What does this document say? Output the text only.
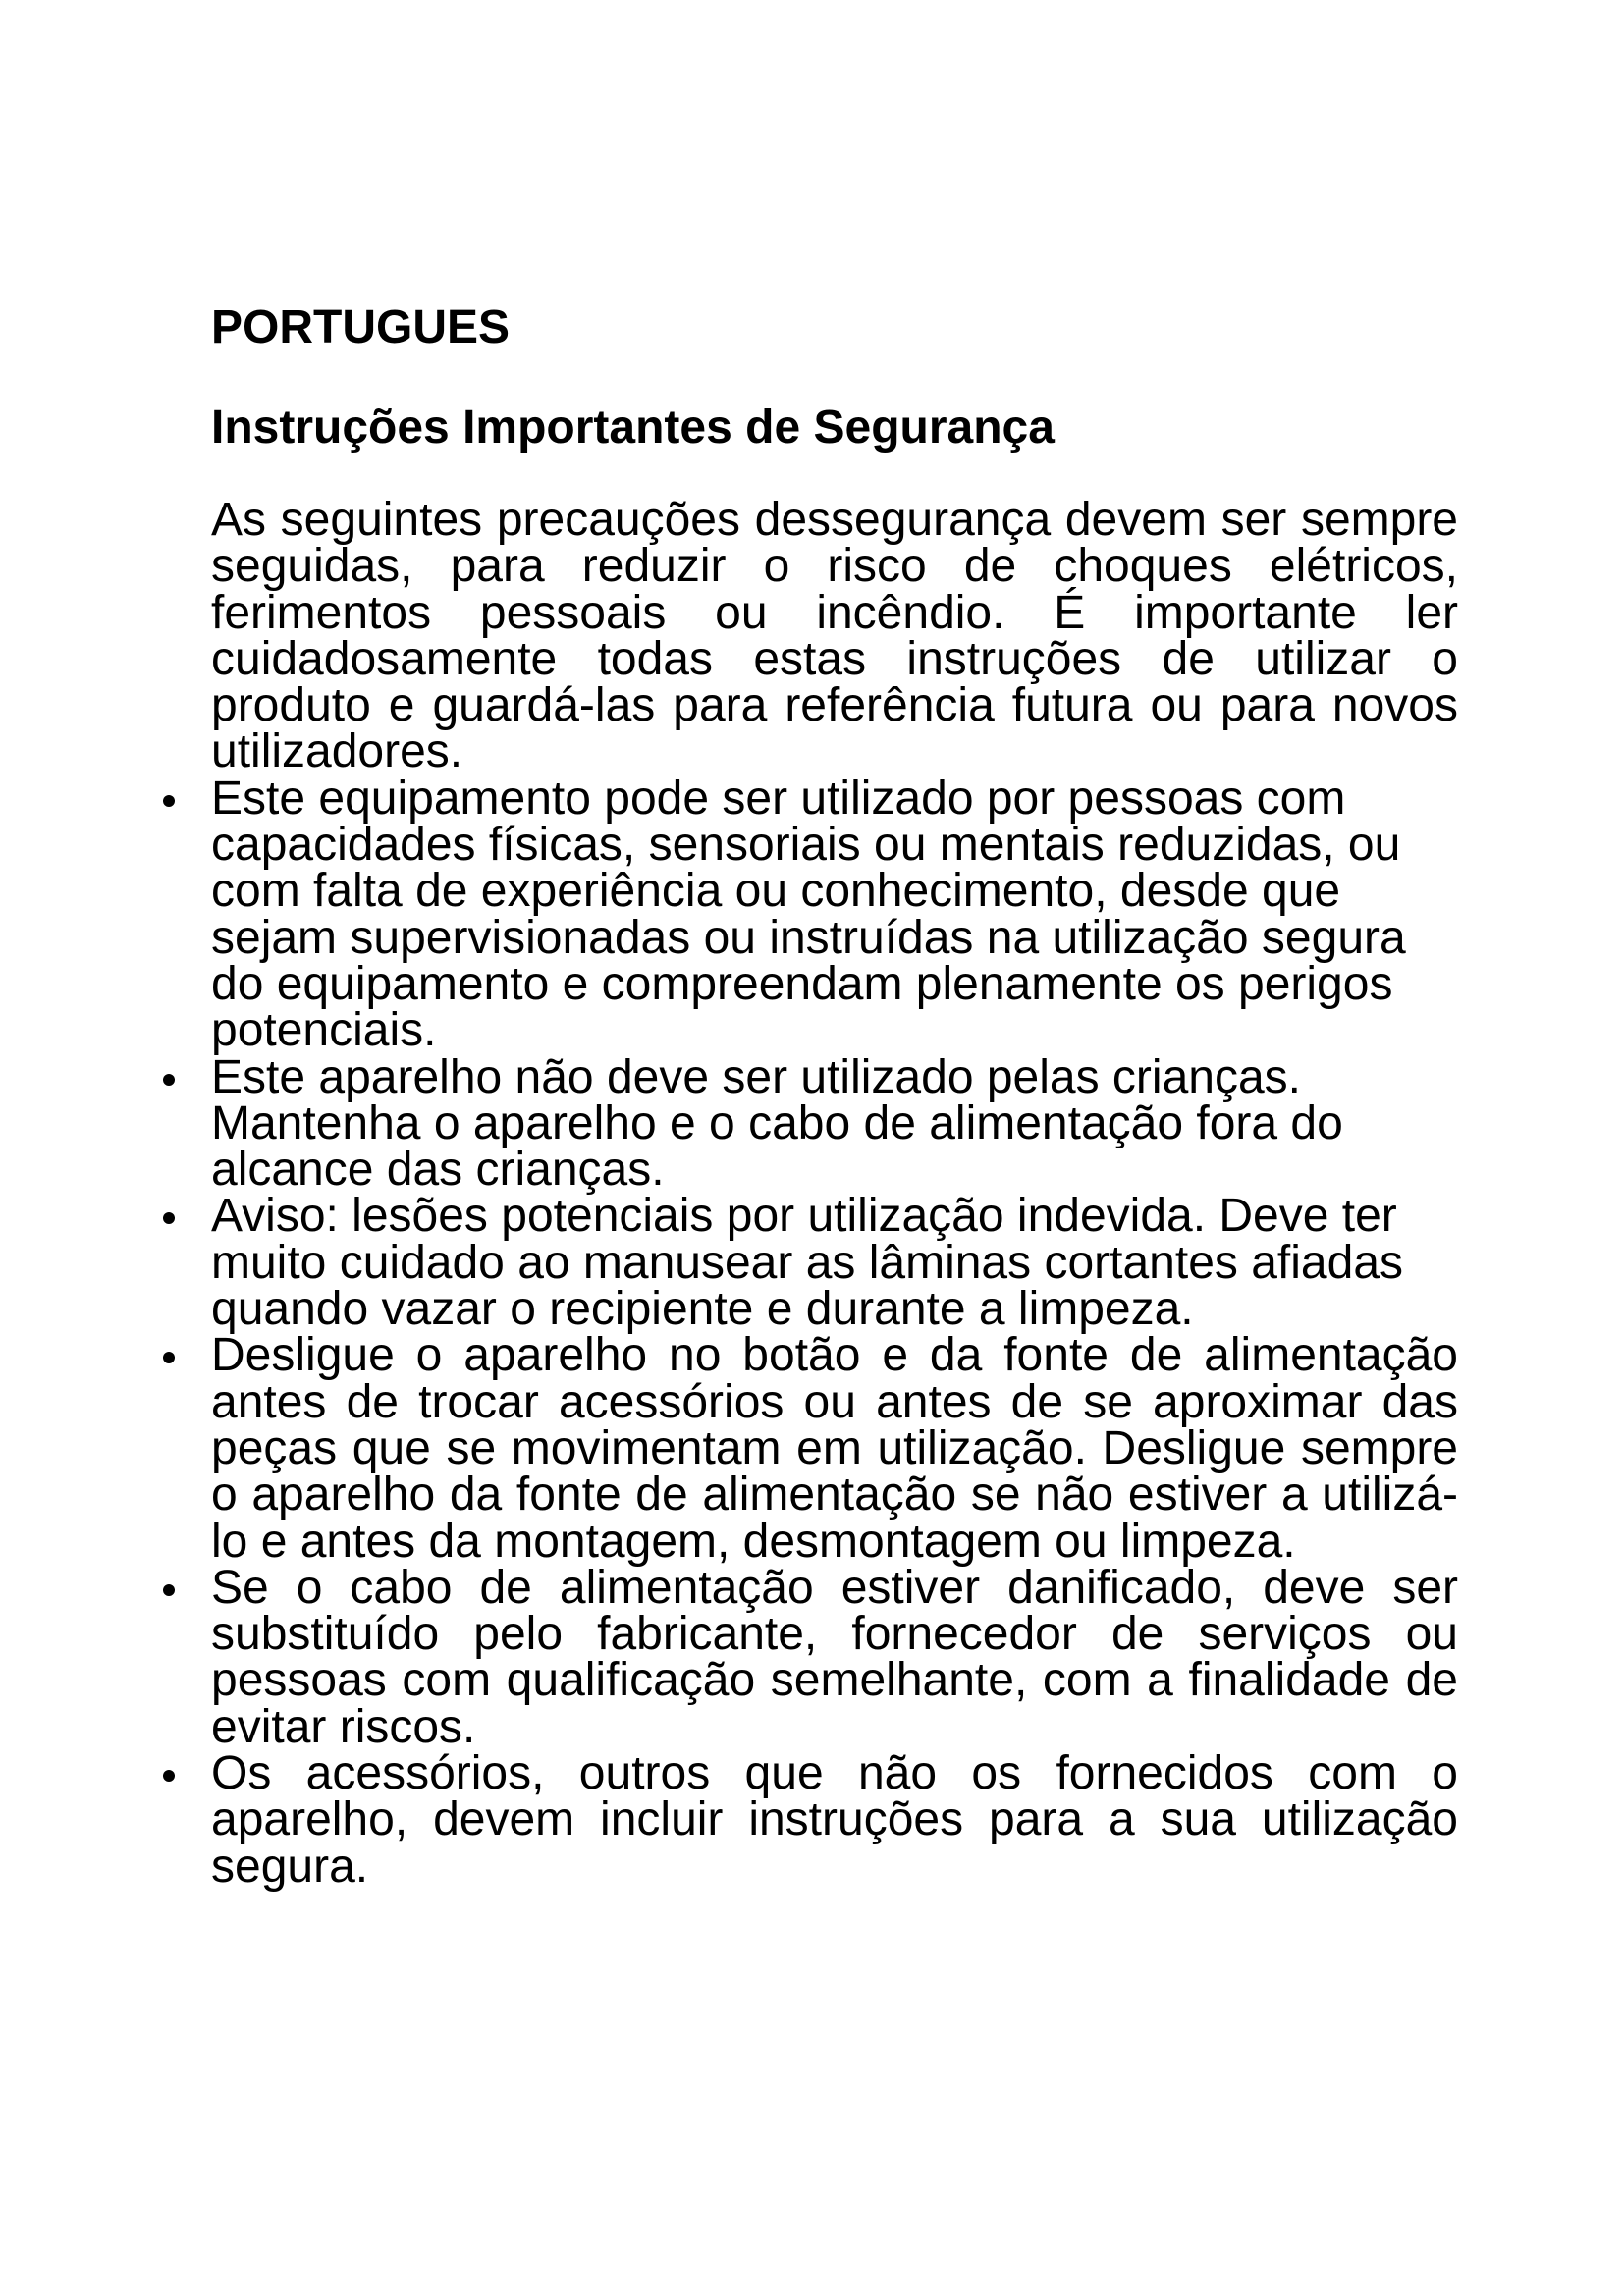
PORTUGUES
Instruções Importantes de Segurança

As seguintes precauções dessegurança devem ser sempre seguidas, para reduzir o risco de choques elétricos, ferimentos pessoais ou incêndio. É importante ler cuidadosamente todas estas instruções de utilizar o produto e guardá-las para referência futura ou para novos utilizadores.

Este equipamento pode ser utilizado por pessoas com capacidades físicas, sensoriais ou mentais reduzidas, ou com falta de experiência ou conhecimento, desde que sejam supervisionadas ou instruídas na utilização segura do equipamento e compreendam plenamente os perigos potenciais.
Este aparelho não deve ser utilizado pelas crianças. Mantenha o aparelho e o cabo de alimentação fora do alcance das crianças.
Aviso: lesões potenciais por utilização indevida. Deve ter muito cuidado ao manusear as lâminas cortantes afiadas quando vazar o recipiente e durante a limpeza.
Desligue o aparelho no botão e da fonte de alimentação antes de trocar acessórios ou antes de se aproximar das peças que se movimentam em utilização. Desligue sempre o aparelho da fonte de alimentação se não estiver a utilizá-lo e antes da montagem, desmontagem ou limpeza.
Se o cabo de alimentação estiver danificado, deve ser substituído pelo fabricante, fornecedor de serviços ou pessoas com qualificação semelhante, com a finalidade de evitar riscos.
Os acessórios, outros que não os fornecidos com o aparelho, devem incluir instruções para a sua utilização segura.
